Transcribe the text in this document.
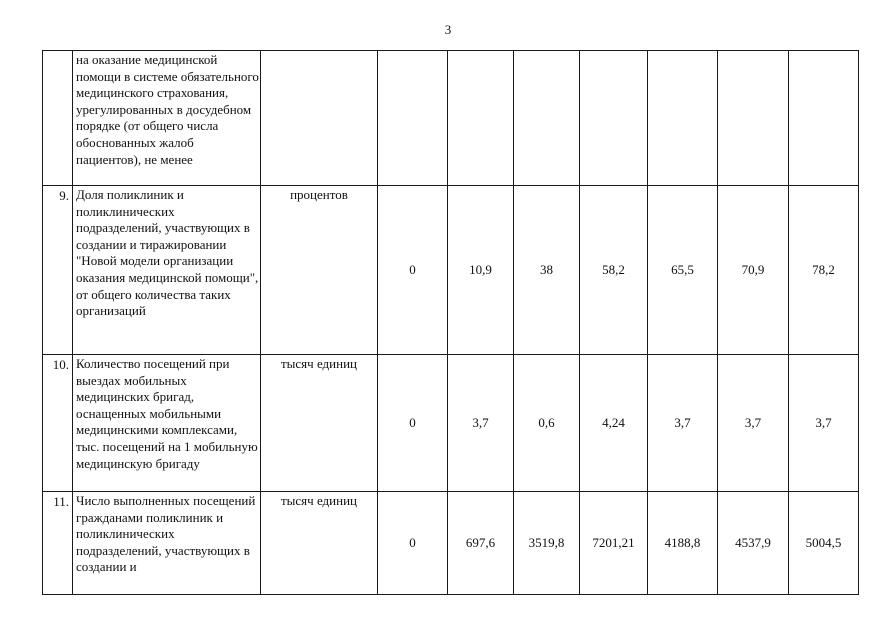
3
	на оказание медицинской помощи в системе обязательного медицинского страхования, урегулированных в досудебном порядке (от общего числа обоснованных жалоб пациентов), не менее								
9.	Доля поликлиник и поликлинических подразделений, участвующих в создании и тиражировании "Новой модели организации оказания медицинской помощи", от общего количества таких организаций	процентов	0	10,9	38	58,2	65,5	70,9	78,2
10.	Количество посещений при выездах мобильных медицинских бригад, оснащенных мобильными медицинскими комплексами, тыс. посещений на 1 мобильную медицинскую бригаду	тысяч единиц	0	3,7	0,6	4,24	3,7	3,7	3,7
11.	Число выполненных посещений гражданами поликлиник и поликлинических подразделений, участвующих в создании и	тысяч единиц	0	697,6	3519,8	7201,21	4188,8	4537,9	5004,5
